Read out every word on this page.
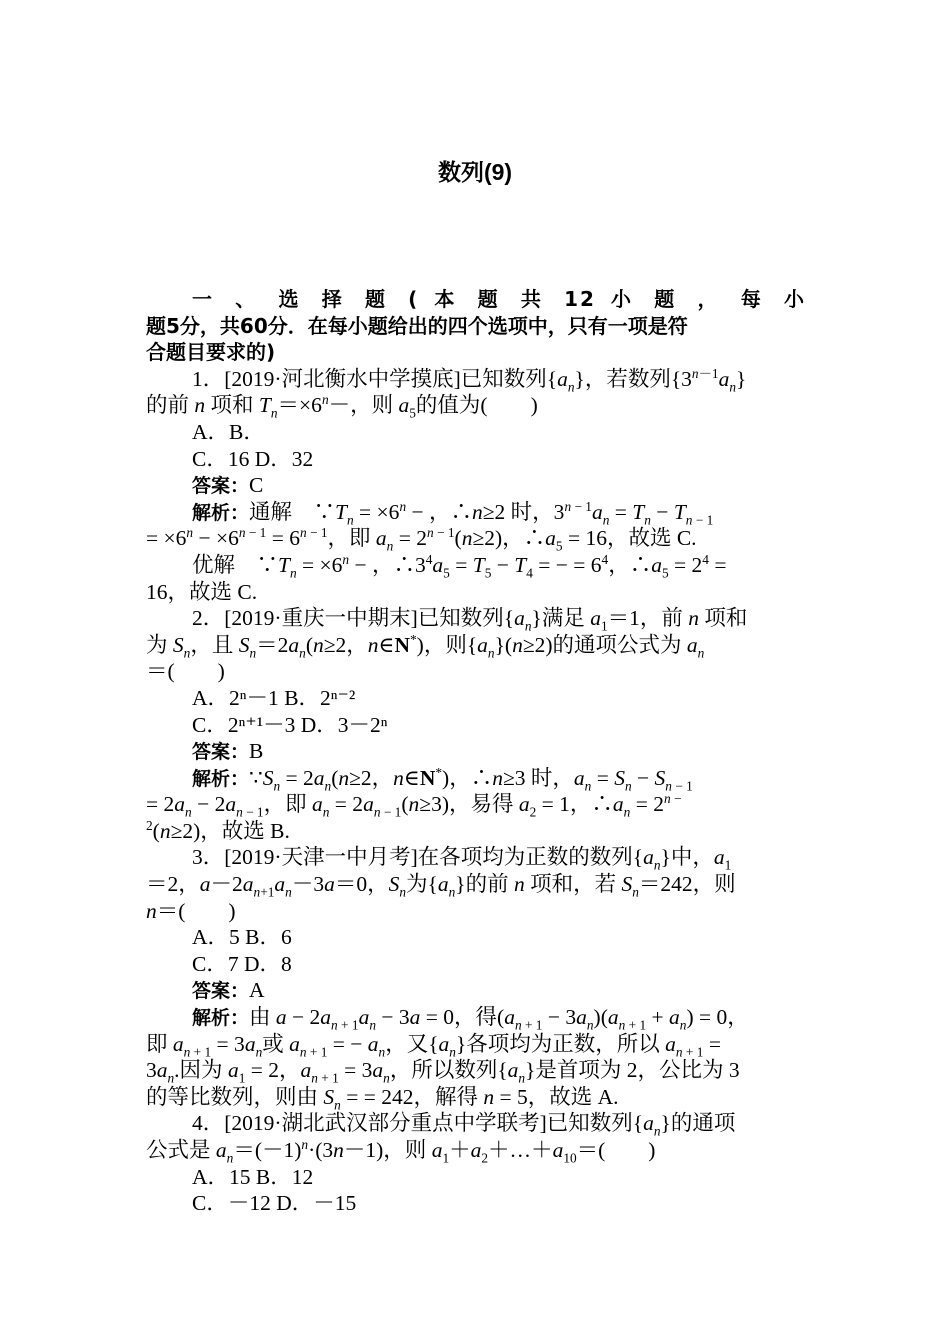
数列(9)
一 、 选 择 题 ( 本 题 共 12 小 题 ， 每 小
题5分，共60分．在每小题给出的四个选项中，只有一项是符
合题目要求的)
1．[2019·河北衡水中学摸底]已知数列$\{a_n\}$，若数列$\{3^{n-1}a_n\}$
的前 n 项和 $T_n=\times 6^n-$，则 $a_5$的值为(　　)
A．B．
C．16 D．32
答案：C
解析：通解　$\because T_n = \times 6^n$ − ，∴n≥2 时，$3^{n - 1}a_n = T_n - T_{n - 1}$
= $\times 6^n - \times 6^{n - 1} = 6^{n - 1}$，即 $a_n = 2^{n - 1}(n\ge 2)$，$\therefore a_5 = 16$，故选 C.
优解　$\because T_n = \times 6^n$ − ，$\therefore 3^4a_5 = T_5 - T_4$ = − = $6^4$，$\therefore a_5 = 2^4$ =
16，故选 C.
2．[2019·重庆一中期末]已知数列$\{a_n\}$满足 $a_1=1$，前 n 项和
为 $S_n$，且 $S_n=2a_n(n\ge 2$，n∈N*)，则$\{a_n\}(n\ge 2)$的通项公式为 $a_n$
＝(　　)
A．2ⁿ－1 B．2ⁿ⁻²
C．2ⁿ⁺¹－3 D．3－2ⁿ
答案：B
解析：$\because S_n = 2a_n(n\ge 2$，n∈N*)，∴n≥3 时，$a_n = S_n - S_{n - 1}$
= $2a_n - 2a_{n - 1}$，即 $a_n = 2a_{n - 1}(n\ge 3)$，易得 $a_2 = 1$，$\therefore a_n = 2^{n -}$
$^2$(n≥2)，故选 B.
3．[2019·天津一中月考]在各项均为正数的数列$\{a_n\}$中，$a_1$
＝2，$a-2a_{n+1}a_n-3a=0$，$S_n$为$\{a_n\}$的前 n 项和，若 $S_n=242$，则
n＝(　　)
A．5 B．6
C．7 D．8
答案：A
解析：由 $a - 2a_{n + 1}a_n - 3a = 0$，得$(a_{n + 1} - 3a_n)(a_{n + 1} + a_n) = 0$，
即 $a_{n + 1} = 3a_n$或 $a_{n + 1}$ = − $a_n$，又$\{a_n\}$各项均为正数，所以 $a_{n + 1}$ =
$3a_n$.因为 $a_1 = 2$，$a_{n + 1} = 3a_n$，所以数列$\{a_n\}$是首项为 2，公比为 3
的等比数列，则由 $S_n$ = = 242，解得 n = 5，故选 A.
4．[2019·湖北武汉部分重点中学联考]已知数列$\{a_n\}$的通项
公式是 $a_n=(-1)^n\cdot(3n-1)$，则 $a_1+a_2+\dots+a_{10}=$(　　)
A．15 B．12
C．－12 D．－15
